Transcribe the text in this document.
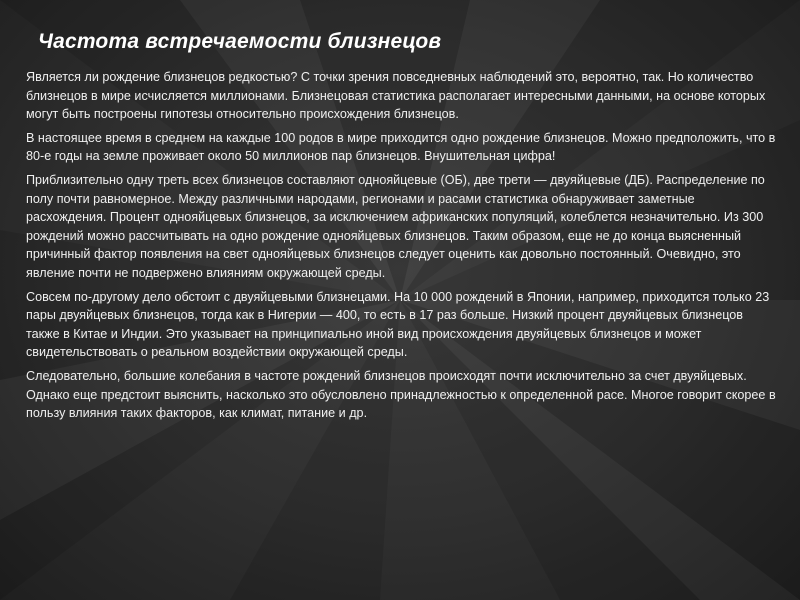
Частота встречаемости близнецов

Является ли рождение близнецов редкостью? С точки зрения повседневных наблюдений это, вероятно, так. Но количество близнецов в мире исчисляется миллионами. Близнецовая статистика располагает интересными данными, на основе которых могут быть построены гипотезы относительно происхождения близнецов.

В настоящее время в среднем на каждые 100 родов в мире приходится одно рождение близнецов. Можно предположить, что в 80-е годы на земле проживает около 50 миллионов пар близнецов. Внушительная цифра!

Приблизительно одну треть всех близнецов составляют однояйцевые (ОБ), две трети — двуяйцевые (ДБ). Распределение по полу почти равномерное. Между различными народами, регионами и расами статистика обнаруживает заметные расхождения. Процент однояйцевых близнецов, за исключением африканских популяций, колеблется незначительно. Из 300 рождений можно рассчитывать на одно рождение однояйцевых близнецов. Таким образом, еще не до конца выясненный причинный фактор появления на свет однояйцевых близнецов следует оценить как довольно постоянный. Очевидно, это явление почти не подвержено влияниям окружающей среды.

Совсем по-другому дело обстоит с двуяйцевыми близнецами. На 10 000 рождений в Японии, например, приходится только 23 пары двуяйцевых близнецов, тогда как в Нигерии — 400, то есть в 17 раз больше. Низкий процент двуяйцевых близнецов также в Китае и Индии. Это указывает на принципиально иной вид происхождения двуяйцевых близнецов и может свидетельствовать о реальном воздействии окружающей среды.

Следовательно, большие колебания в частоте рождений близнецов происходят почти исключительно за счет двуяйцевых. Однако еще предстоит выяснить, насколько это обусловлено принадлежностью к определенной расе. Многое говорит скорее в пользу влияния таких факторов, как климат, питание и др.
